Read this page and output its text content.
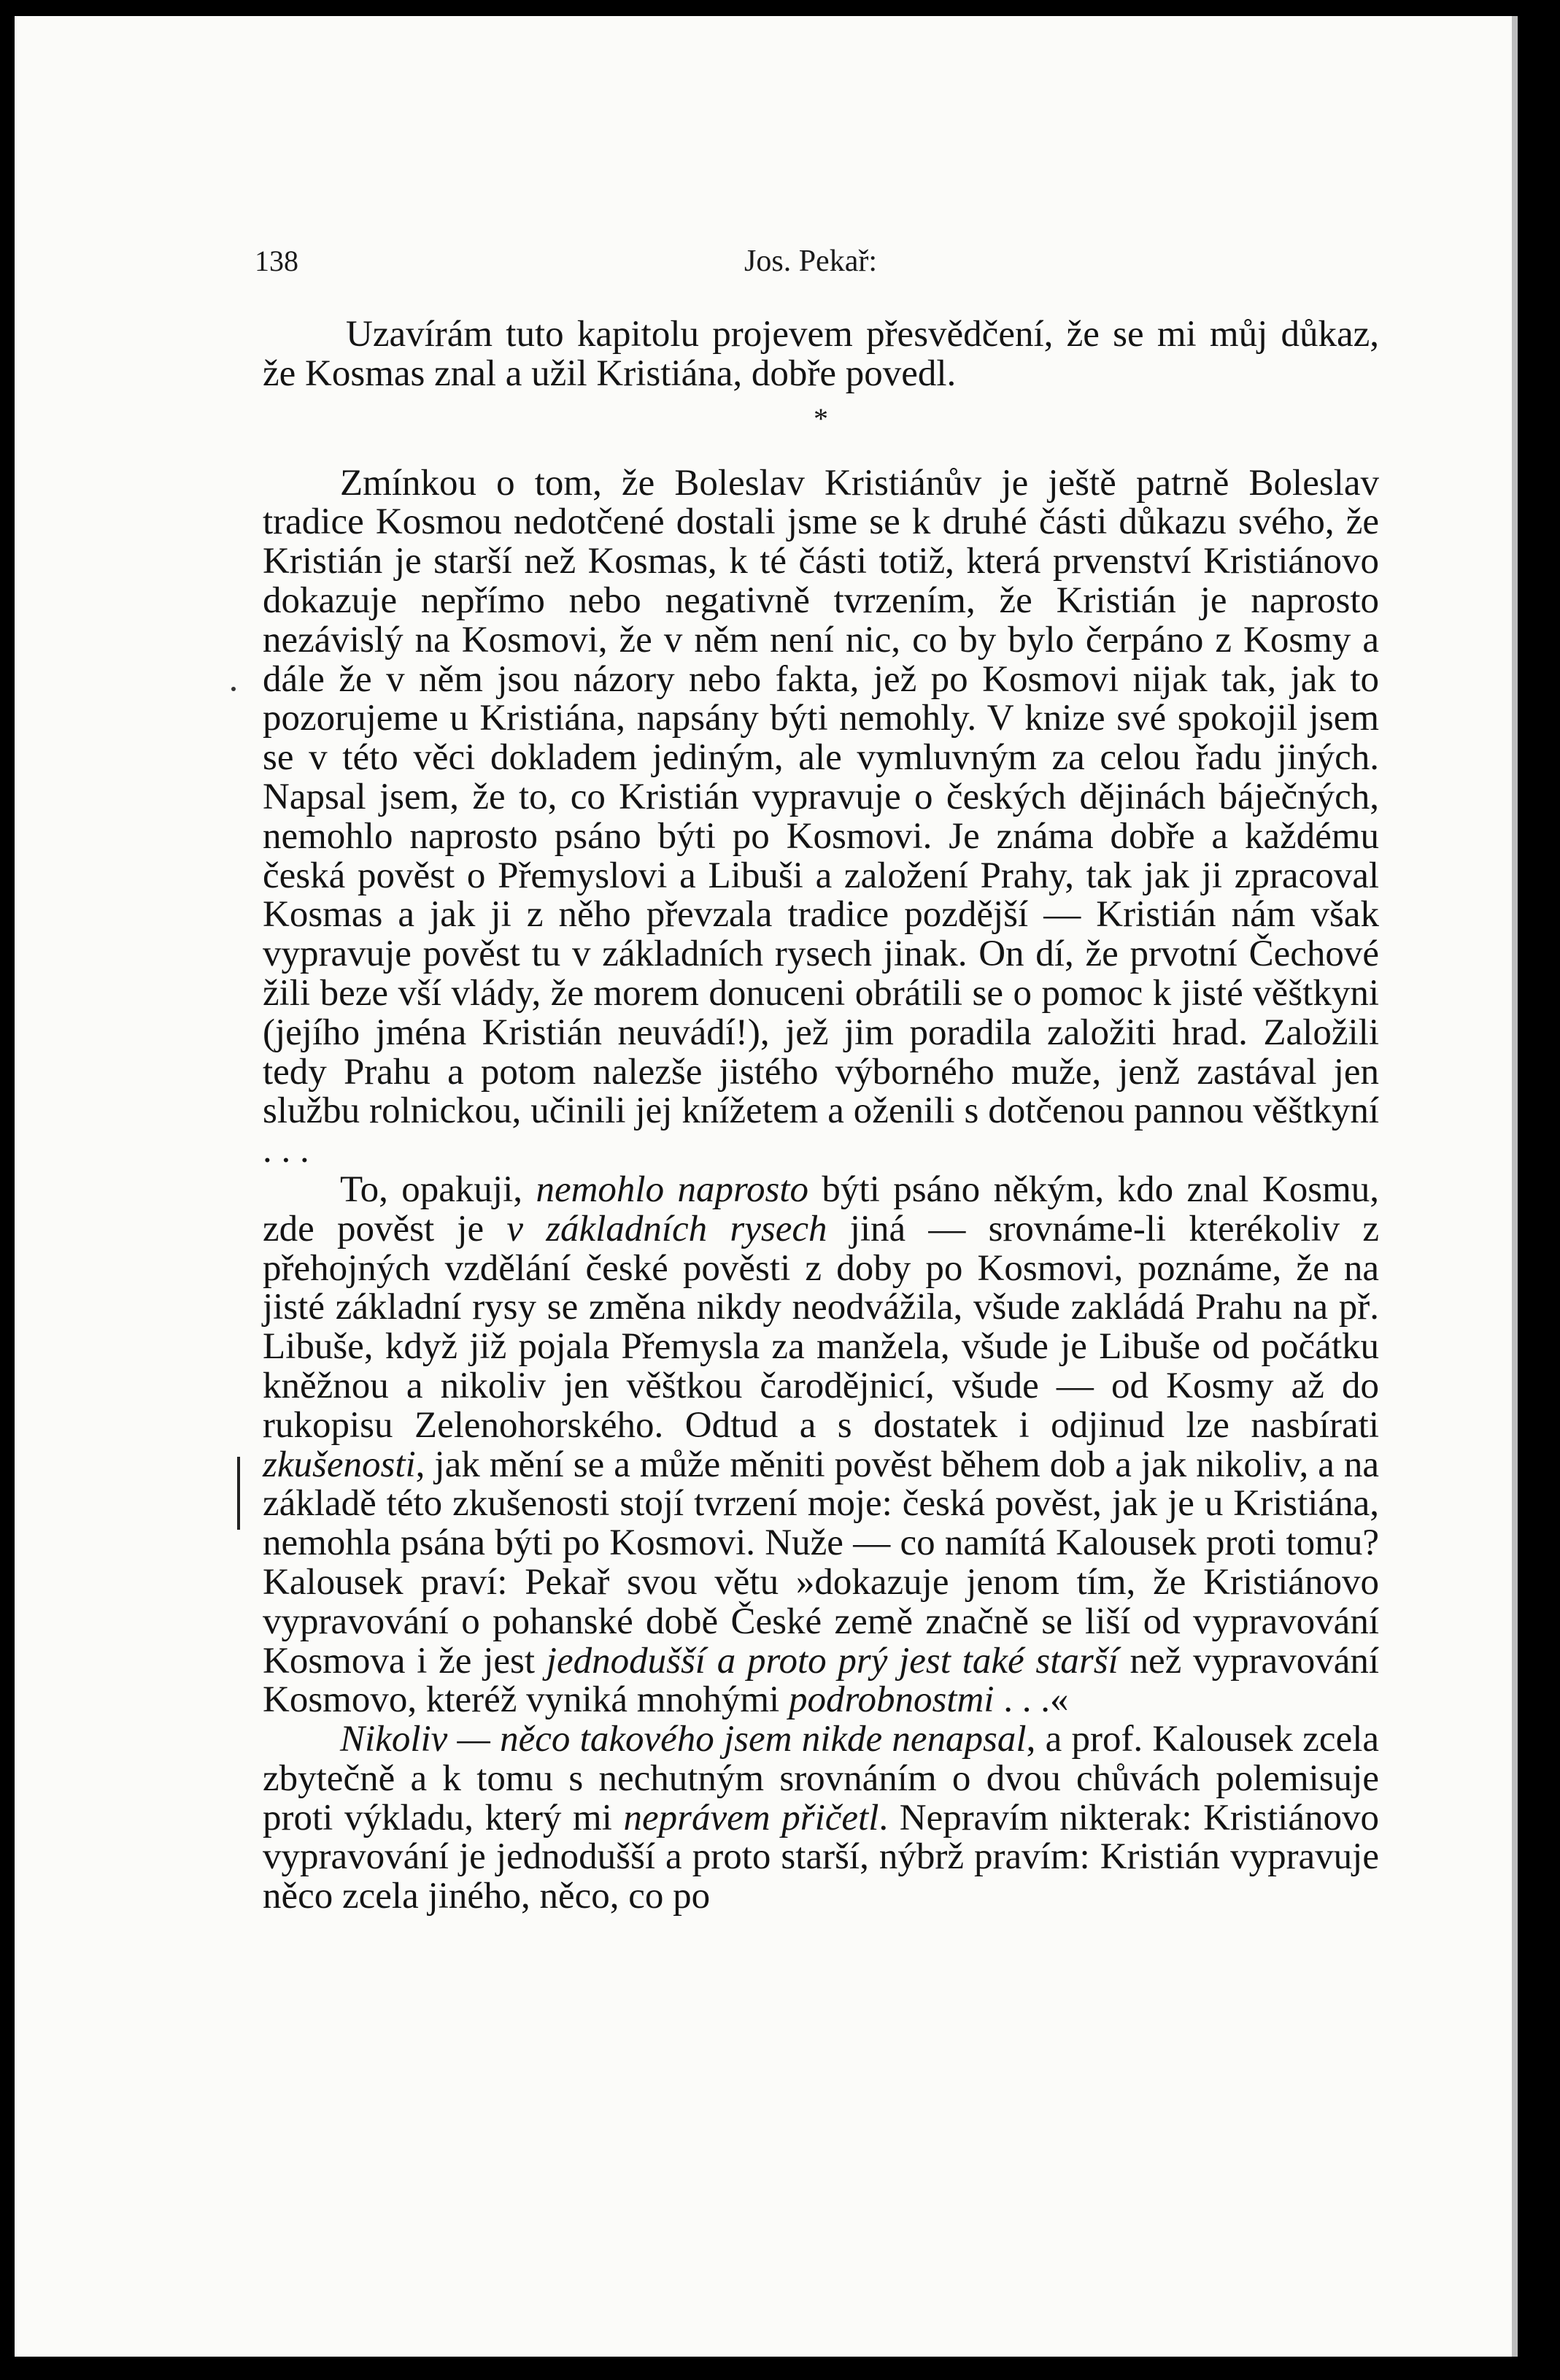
138	Jos. Pekař:

Uzavírám tuto kapitolu projevem přesvědčení, že se mi můj důkaz, že Kosmas znal a užil Kristiána, dobře povedl.

*

Zmínkou o tom, že Boleslav Kristiánův je ještě patrně Boleslav tradice Kosmou nedotčené dostali jsme se k druhé části důkazu svého, že Kristián je starší než Kosmas, k té části totiž, která prvenství Kristiánovo dokazuje nepřímo nebo negativně tvrzením, že Kristián je naprosto nezávislý na Kosmovi, že v něm není nic, co by bylo čerpáno z Kosmy a dále že v něm jsou názory nebo fakta, jež po Kosmovi nijak tak, jak to pozorujeme u Kristiána, napsány býti nemohly. V knize své spokojil jsem se v této věci dokladem jediným, ale vymluvným za celou řadu jiných. Napsal jsem, že to, co Kristián vypravuje o českých dějinách báječných, nemohlo naprosto psáno býti po Kosmovi. Je známa dobře a každému česká pověst o Přemyslovi a Libuši a založení Prahy, tak jak ji zpracoval Kosmas a jak ji z něho převzala tradice pozdější — Kristián nám však vypravuje pověst tu v základních rysech jinak. On dí, že prvotní Čechové žili beze vší vlády, že morem donuceni obrátili se o pomoc k jisté věštkyni (jejího jména Kristián neuvádí!), jež jim poradila založiti hrad. Založili tedy Prahu a potom nalezše jistého výborného muže, jenž zastával jen službu rolnickou, učinili jej knížetem a oženili s dotčenou pannou věštkyní . . .

To, opakuji, nemohlo naprosto býti psáno někým, kdo znal Kosmu, zde pověst je v základních rysech jiná — srovnáme-li kterékoliv z přehojných vzdělání české pověsti z doby po Kosmovi, poznáme, že na jisté základní rysy se změna nikdy neodvážila, všude zakládá Prahu na př. Libuše, když již pojala Přemysla za manžela, všude je Libuše od počátku kněžnou a nikoliv jen věštkou čarodějnicí, všude — od Kosmy až do rukopisu Zelenohorského. Odtud a s dostatek i odjinud lze nasbírati zkušenosti, jak mění se a může měniti pověst během dob a jak nikoliv, a na základě této zkušenosti stojí tvrzení moje: česká pověst, jak je u Kristiána, nemohla psána býti po Kosmovi. Nuže — co namítá Kalousek proti tomu? Kalousek praví: Pekař svou větu »dokazuje jenom tím, že Kristiánovo vypravování o pohanské době České země značně se liší od vypravování Kosmova i že jest jednodušší a proto prý jest také starší než vypravování Kosmovo, kteréž vyniká mnohými podrobnostmi . . .«

Nikoliv — něco takového jsem nikde nenapsal, a prof. Kalousek zcela zbytečně a k tomu s nechutným srovnáním o dvou chůvách polemisuje proti výkladu, který mi neprávem přičetl. Nepravím nikterak: Kristiánovo vypravování je jednodušší a proto starší, nýbrž pravím: Kristián vypravuje něco zcela jiného, něco, co po
